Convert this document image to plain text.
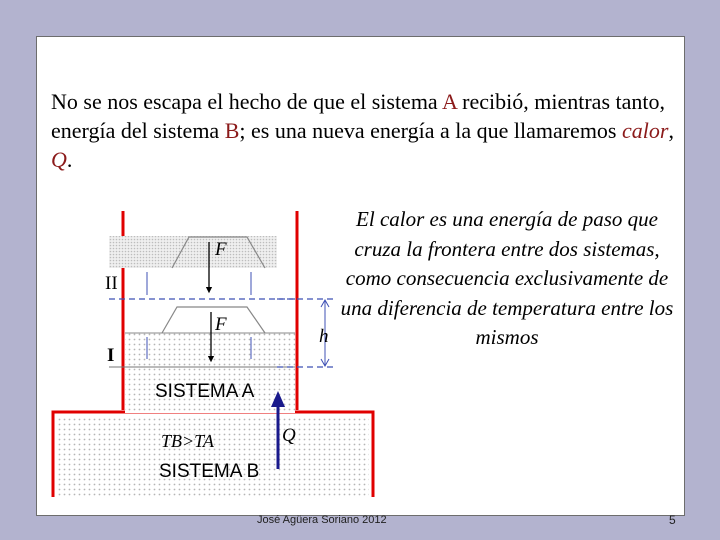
No se nos escapa el hecho de que el sistema A recibió, mientras tanto, energía del sistema B; es una nueva energía a la que llamaremos calor, Q.

El calor es una energía de paso que cruza la frontera entre dos sistemas, como consecuencia exclusivamente de una diferencia de temperatura entre los mismos

II
I
F
F
h
SISTEMA A
SISTEMA B
TB>TA	Q
José Agüera Soriano 2012	5
